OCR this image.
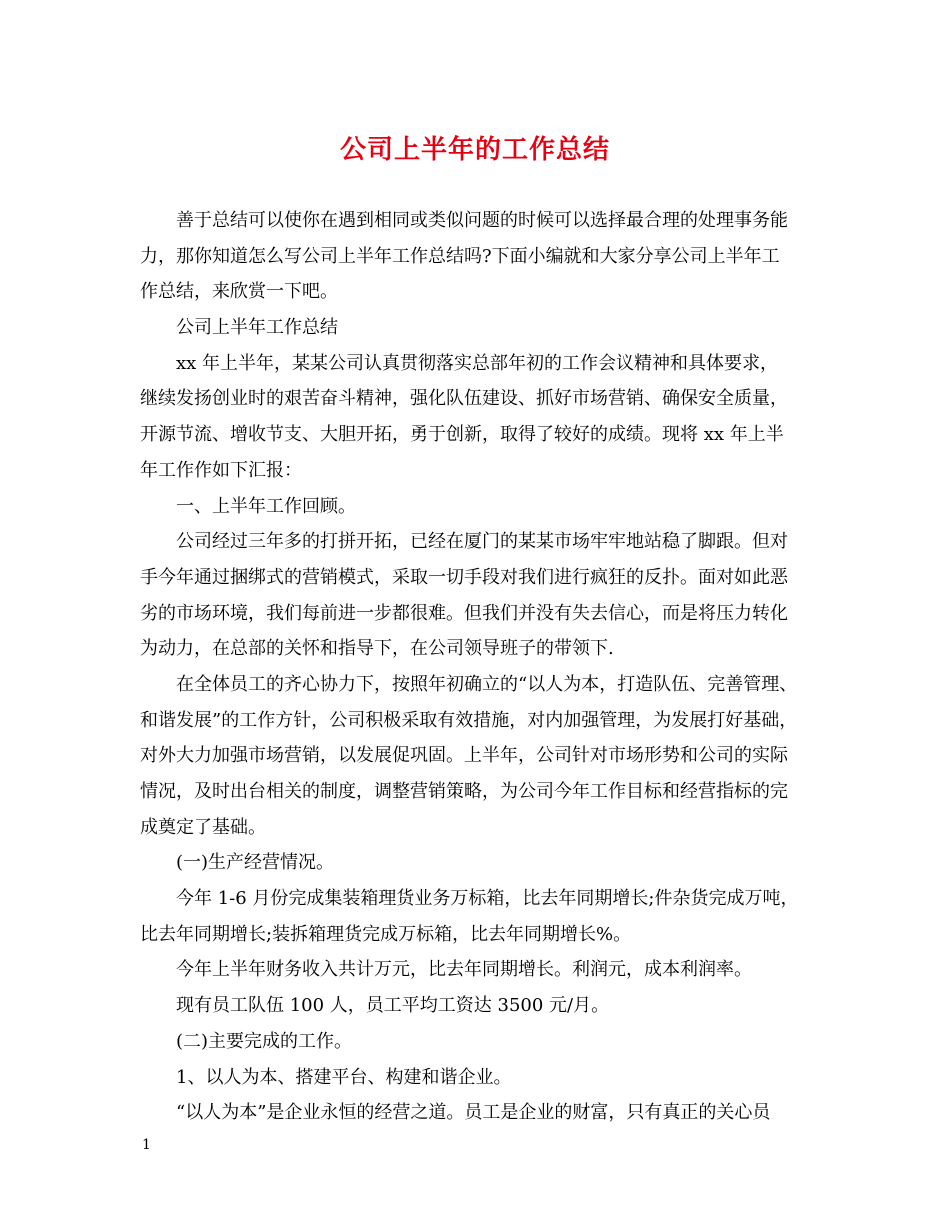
公司上半年的工作总结
善于总结可以使你在遇到相同或类似问题的时候可以选择最合理的处理事务能
力，那你知道怎么写公司上半年工作总结吗?下面小编就和大家分享公司上半年工
作总结，来欣赏一下吧。
公司上半年工作总结
xx 年上半年，某某公司认真贯彻落实总部年初的工作会议精神和具体要求，
继续发扬创业时的艰苦奋斗精神，强化队伍建设、抓好市场营销、确保安全质量，
开源节流、增收节支、大胆开拓，勇于创新，取得了较好的成绩。现将 xx 年上半
年工作作如下汇报：
一、上半年工作回顾。
公司经过三年多的打拼开拓，已经在厦门的某某市场牢牢地站稳了脚跟。但对
手今年通过捆绑式的营销模式，采取一切手段对我们进行疯狂的反扑。面对如此恶
劣的市场环境，我们每前进一步都很难。但我们并没有失去信心，而是将压力转化
为动力，在总部的关怀和指导下，在公司领导班子的带领下.
在全体员工的齐心协力下，按照年初确立的“以人为本，打造队伍、完善管理、
和谐发展”的工作方针，公司积极采取有效措施，对内加强管理，为发展打好基础，
对外大力加强市场营销，以发展促巩固。上半年，公司针对市场形势和公司的实际
情况，及时出台相关的制度，调整营销策略，为公司今年工作目标和经营指标的完
成奠定了基础。
(一)生产经营情况。
今年 1-6 月份完成集装箱理货业务万标箱，比去年同期增长;件杂货完成万吨，
比去年同期增长;装拆箱理货完成万标箱，比去年同期增长%。
今年上半年财务收入共计万元，比去年同期增长。利润元，成本利润率。
现有员工队伍 100 人，员工平均工资达 3500 元/月。
(二)主要完成的工作。
1、以人为本、搭建平台、构建和谐企业。
“以人为本”是企业永恒的经营之道。员工是企业的财富，只有真正的关心员
1
